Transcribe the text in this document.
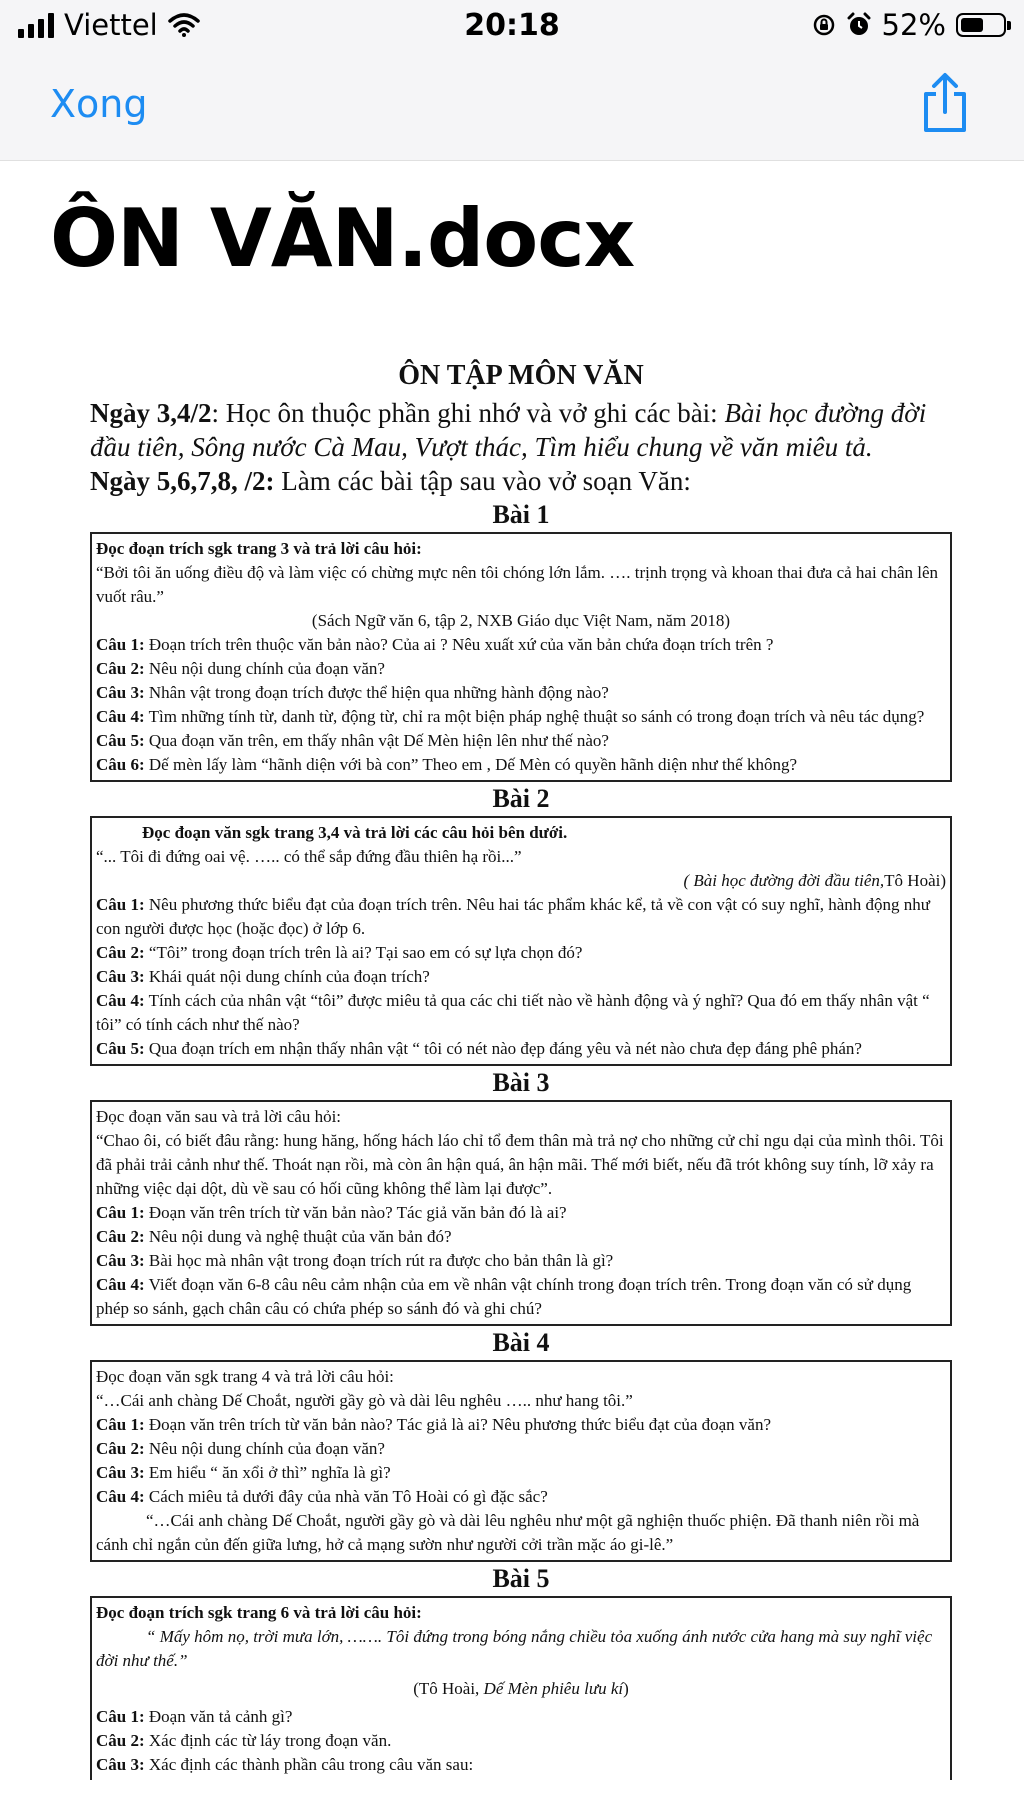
Viettel	20:18	52%
Xong
ÔN VĂN.docx
ÔN TẬP MÔN VĂN

Ngày 3,4/2: Học ôn thuộc phần ghi nhớ và vở ghi các bài: Bài học đường đời đầu tiên, Sông nước Cà Mau, Vượt thác, Tìm hiểu chung về văn miêu tả.

Ngày 5,6,7,8, /2: Làm các bài tập sau vào vở soạn Văn:

Bài 1

Đọc đoạn trích sgk trang 3 và trả lời câu hỏi:

“Bởi tôi ăn uống điều độ và làm việc có chừng mực nên tôi chóng lớn lắm. …. trịnh trọng và khoan thai đưa cả hai chân lên vuốt râu.”

(Sách Ngữ văn 6, tập 2, NXB Giáo dục Việt Nam, năm 2018)

Câu 1: Đoạn trích trên thuộc văn bản nào? Của ai ? Nêu xuất xứ của văn bản chứa đoạn trích trên ?

Câu 2: Nêu nội dung chính của đoạn văn?

Câu 3: Nhân vật trong đoạn trích được thể hiện qua những hành động nào?

Câu 4: Tìm những tính từ, danh từ, động từ, chỉ ra một biện pháp nghệ thuật so sánh có trong đoạn trích và nêu tác dụng?

Câu 5: Qua đoạn văn trên, em thấy nhân vật Dế Mèn hiện lên như thế nào?

Câu 6: Dế mèn lấy làm “hãnh diện với bà con” Theo em , Dế Mèn có quyền hãnh diện như thế không?

Bài 2

Đọc đoạn văn sgk trang 3,4 và trả lời các câu hỏi bên dưới.

“... Tôi đi đứng oai vệ. ….. có thể sắp đứng đầu thiên hạ rồi...”

( Bài học đường đời đầu tiên,Tô Hoài)

Câu 1: Nêu phương thức biểu đạt của đoạn trích trên. Nêu hai tác phẩm khác kể, tả về con vật có suy nghĩ, hành động như con người được học (hoặc đọc) ở lớp 6.

Câu 2: “Tôi” trong đoạn trích trên là ai? Tại sao em có sự lựa chọn đó?

Câu 3: Khái quát nội dung chính của đoạn trích?

Câu 4: Tính cách của nhân vật “tôi” được miêu tả qua các chi tiết nào về hành động và ý nghĩ? Qua đó em thấy nhân vật “ tôi” có tính cách như thế nào?

Câu 5: Qua đoạn trích em nhận thấy nhân vật “ tôi có nét nào đẹp đáng yêu và nét nào chưa đẹp đáng phê phán?

Bài 3

Đọc đoạn văn sau và trả lời câu hỏi:

“Chao ôi, có biết đâu rằng: hung hăng, hống hách láo chỉ tổ đem thân mà trả nợ cho những cử chỉ ngu dại của mình thôi. Tôi đã phải trải cảnh như thế. Thoát nạn rồi, mà còn ân hận quá, ân hận mãi. Thế mới biết, nếu đã trót không suy tính, lỡ xảy ra những việc dại dột, dù về sau có hối cũng không thể làm lại được”.

Câu 1: Đoạn văn trên trích từ văn bản nào? Tác giả văn bản đó là ai?

Câu 2: Nêu nội dung và nghệ thuật của văn bản đó?

Câu 3: Bài học mà nhân vật trong đoạn trích rút ra được cho bản thân là gì?

Câu 4: Viết đoạn văn 6-8 câu nêu cảm nhận của em về nhân vật chính trong đoạn trích trên. Trong đoạn văn có sử dụng phép so sánh, gạch chân câu có chứa phép so sánh đó và ghi chú?

Bài 4

Đọc đoạn văn sgk trang 4 và trả lời câu hỏi:

“…Cái anh chàng Dế Choắt, người gầy gò và dài lêu nghêu ….. như hang tôi.”

Câu 1: Đoạn văn trên trích từ văn bản nào? Tác giả là ai? Nêu phương thức biểu đạt của đoạn văn?

Câu 2: Nêu nội dung chính của đoạn văn?

Câu 3: Em hiểu “ ăn xổi ở thì” nghĩa là gì?

Câu 4: Cách miêu tả dưới đây của nhà văn Tô Hoài có gì đặc sắc?

“…Cái anh chàng Dế Choắt, người gầy gò và dài lêu nghêu như một gã nghiện thuốc phiện. Đã thanh niên rồi mà cánh chỉ ngắn củn đến giữa lưng, hở cả mạng sườn như người cởi trần mặc áo gi-lê.”

Bài 5

Đọc đoạn trích sgk trang 6 và trả lời câu hỏi:

“ Mấy hôm nọ, trời mưa lớn, ……. Tôi đứng trong bóng nắng chiều tỏa xuống ánh nước cửa hang mà suy nghĩ việc đời như thế.”

(Tô Hoài, Dế Mèn phiêu lưu kí)

Câu 1: Đoạn văn tả cảnh gì?

Câu 2: Xác định các từ láy trong đoạn văn.

Câu 3: Xác định các thành phần câu trong câu văn sau:
